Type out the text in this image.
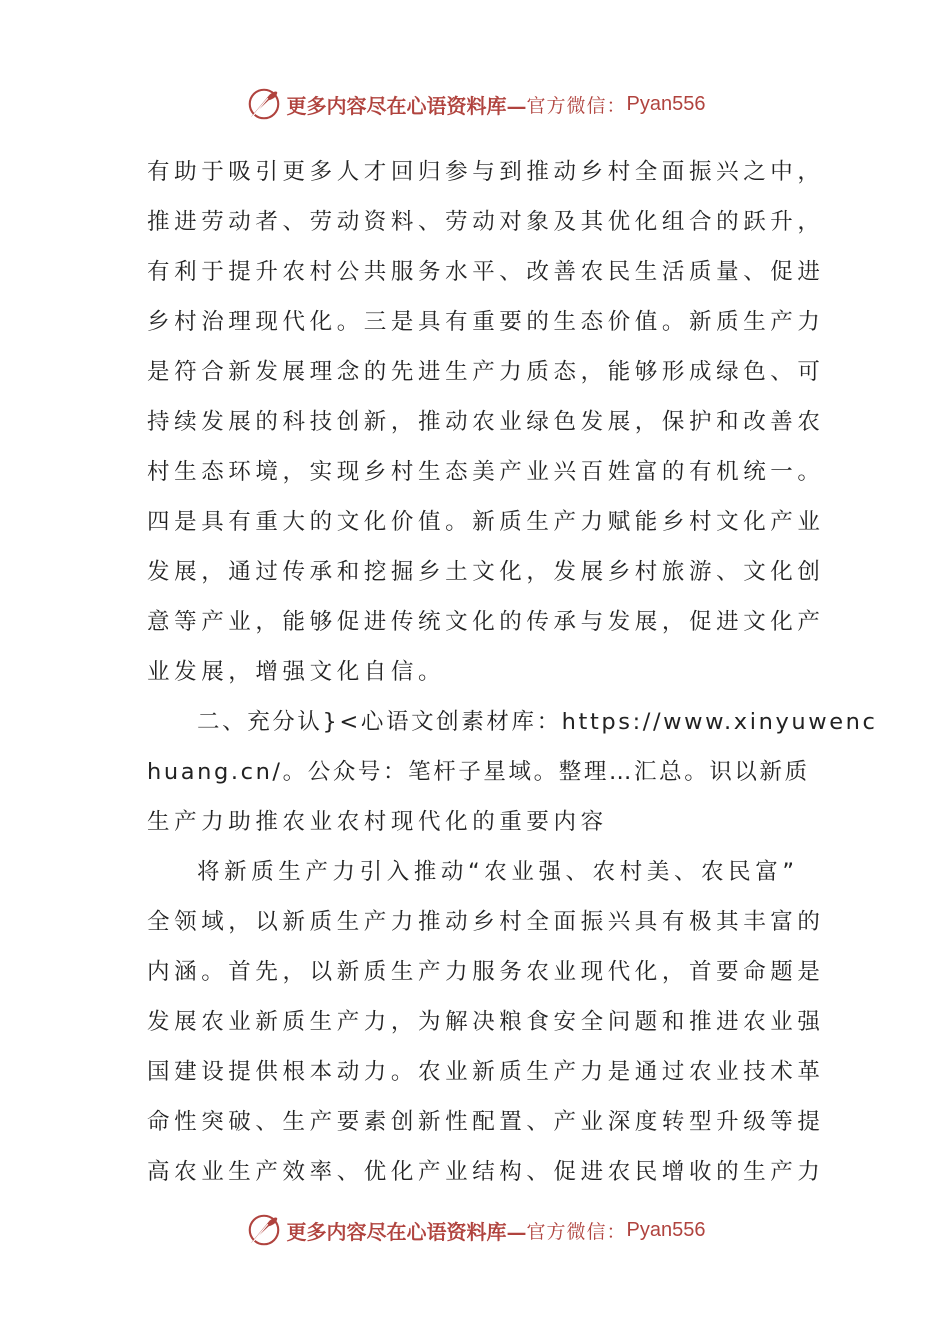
更多内容尽在心语资料库— 官方微信： Pyan556
有助于吸引更多人才回归参与到推动乡村全面振兴之中，
推进劳动者、劳动资料、劳动对象及其优化组合的跃升，
有利于提升农村公共服务水平、改善农民生活质量、促进
乡村治理现代化。三是具有重要的生态价值。新质生产力
是符合新发展理念的先进生产力质态，能够形成绿色、可
持续发展的科技创新，推动农业绿色发展，保护和改善农
村生态环境，实现乡村生态美产业兴百姓富的有机统一。
四是具有重大的文化价值。新质生产力赋能乡村文化产业
发展，通过传承和挖掘乡土文化，发展乡村旅游、文化创
意等产业，能够促进传统文化的传承与发展，促进文化产
业发展，增强文化自信。
二、充分认}<心语文创素材库：https://www.xinyuwenc
huang.cn/。公众号：笔杆子星域。整理…汇总。识以新质
生产力助推农业农村现代化的重要内容
将新质生产力引入推动“农业强、农村美、农民富”
全领域，以新质生产力推动乡村全面振兴具有极其丰富的
内涵。首先，以新质生产力服务农业现代化，首要命题是
发展农业新质生产力，为解决粮食安全问题和推进农业强
国建设提供根本动力。农业新质生产力是通过农业技术革
命性突破、生产要素创新性配置、产业深度转型升级等提
高农业生产效率、优化产业结构、促进农民增收的生产力
更多内容尽在心语资料库— 官方微信： Pyan556
